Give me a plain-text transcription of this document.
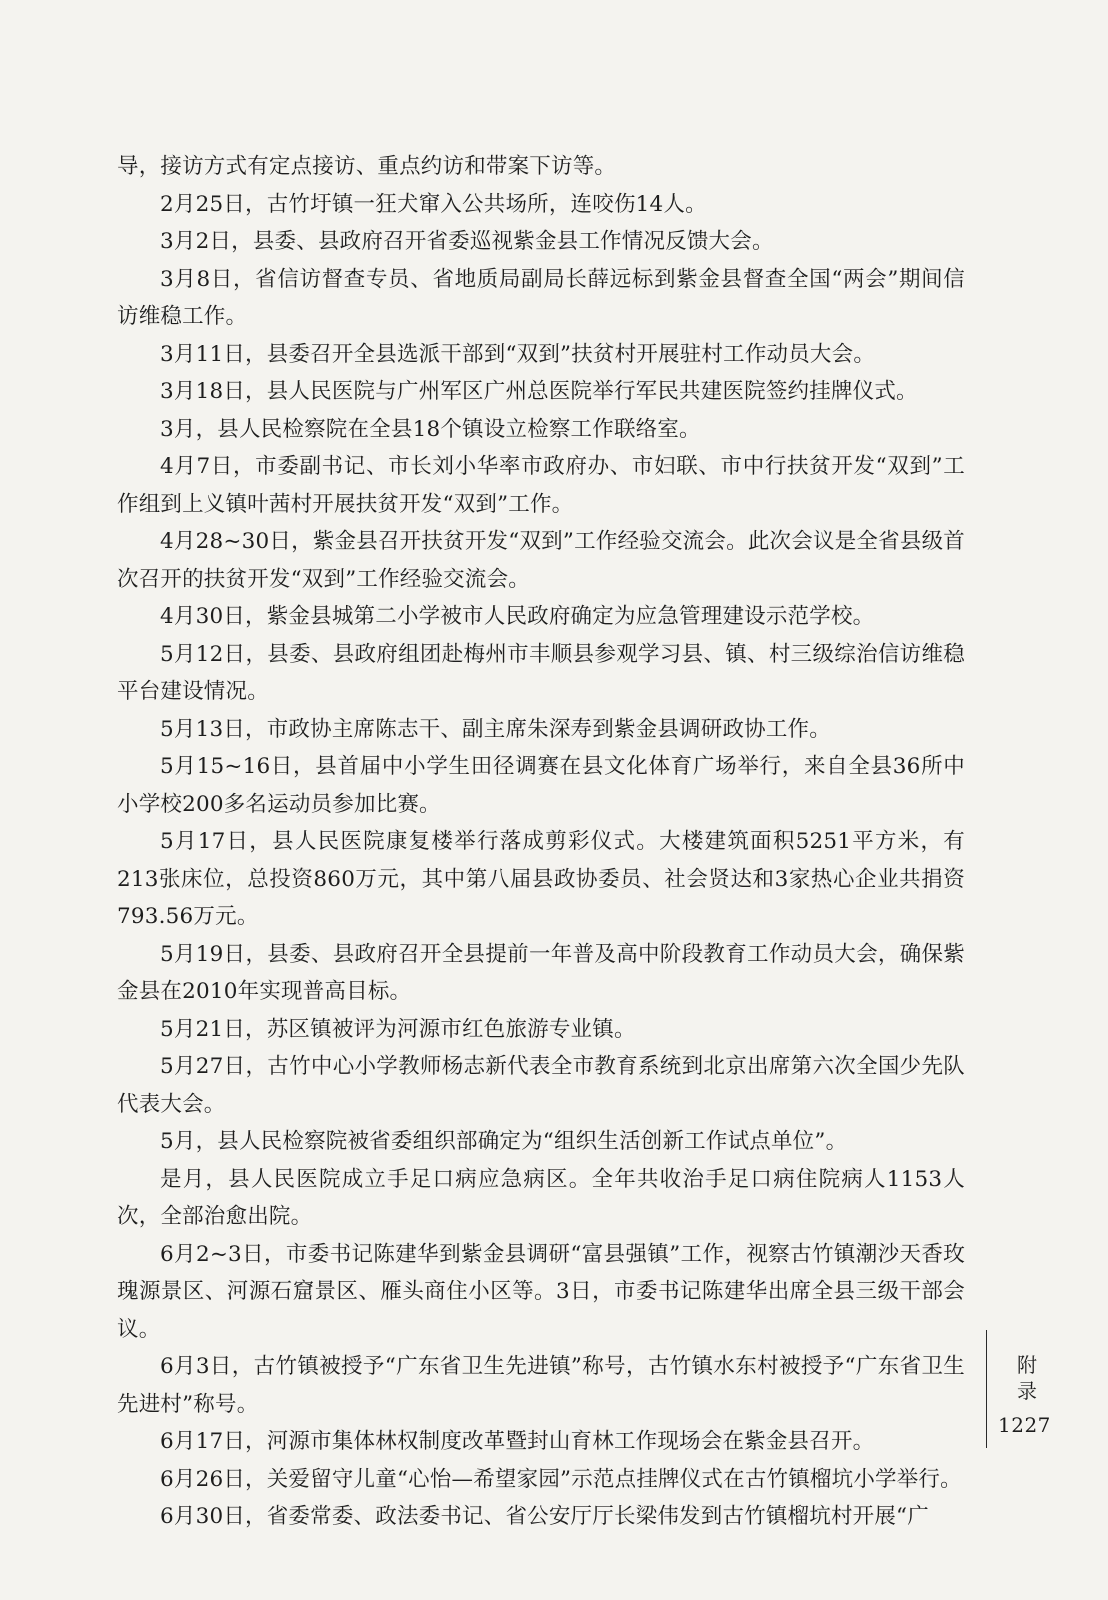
导，接访方式有定点接访、重点约访和带案下访等。

2月25日，古竹圩镇一狂犬窜入公共场所，连咬伤14人。

3月2日，县委、县政府召开省委巡视紫金县工作情况反馈大会。

3月8日，省信访督查专员、省地质局副局长薛远标到紫金县督查全国“两会”期间信访维稳工作。

3月11日，县委召开全县选派干部到“双到”扶贫村开展驻村工作动员大会。

3月18日，县人民医院与广州军区广州总医院举行军民共建医院签约挂牌仪式。

3月，县人民检察院在全县18个镇设立检察工作联络室。

4月7日，市委副书记、市长刘小华率市政府办、市妇联、市中行扶贫开发“双到”工作组到上义镇叶茜村开展扶贫开发“双到”工作。

4月28~30日，紫金县召开扶贫开发“双到”工作经验交流会。此次会议是全省县级首次召开的扶贫开发“双到”工作经验交流会。

4月30日，紫金县城第二小学被市人民政府确定为应急管理建设示范学校。

5月12日，县委、县政府组团赴梅州市丰顺县参观学习县、镇、村三级综治信访维稳平台建设情况。

5月13日，市政协主席陈志干、副主席朱深寿到紫金县调研政协工作。

5月15~16日，县首届中小学生田径调赛在县文化体育广场举行，来自全县36所中小学校200多名运动员参加比赛。

5月17日，县人民医院康复楼举行落成剪彩仪式。大楼建筑面积5251平方米，有213张床位，总投资860万元，其中第八届县政协委员、社会贤达和3家热心企业共捐资793.56万元。

5月19日，县委、县政府召开全县提前一年普及高中阶段教育工作动员大会，确保紫金县在2010年实现普高目标。

5月21日，苏区镇被评为河源市红色旅游专业镇。

5月27日，古竹中心小学教师杨志新代表全市教育系统到北京出席第六次全国少先队代表大会。

5月，县人民检察院被省委组织部确定为“组织生活创新工作试点单位”。

是月，县人民医院成立手足口病应急病区。全年共收治手足口病住院病人1153人次，全部治愈出院。

6月2~3日，市委书记陈建华到紫金县调研“富县强镇”工作，视察古竹镇潮沙天香玫瑰源景区、河源石窟景区、雁头商住小区等。3日，市委书记陈建华出席全县三级干部会议。

6月3日，古竹镇被授予“广东省卫生先进镇”称号，古竹镇水东村被授予“广东省卫生先进村”称号。

6月17日，河源市集体林权制度改革暨封山育林工作现场会在紫金县召开。

6月26日，关爱留守儿童“心怡—希望家园”示范点挂牌仪式在古竹镇榴坑小学举行。

6月30日，省委常委、政法委书记、省公安厅厅长梁伟发到古竹镇榴坑村开展“广

附录
1227
